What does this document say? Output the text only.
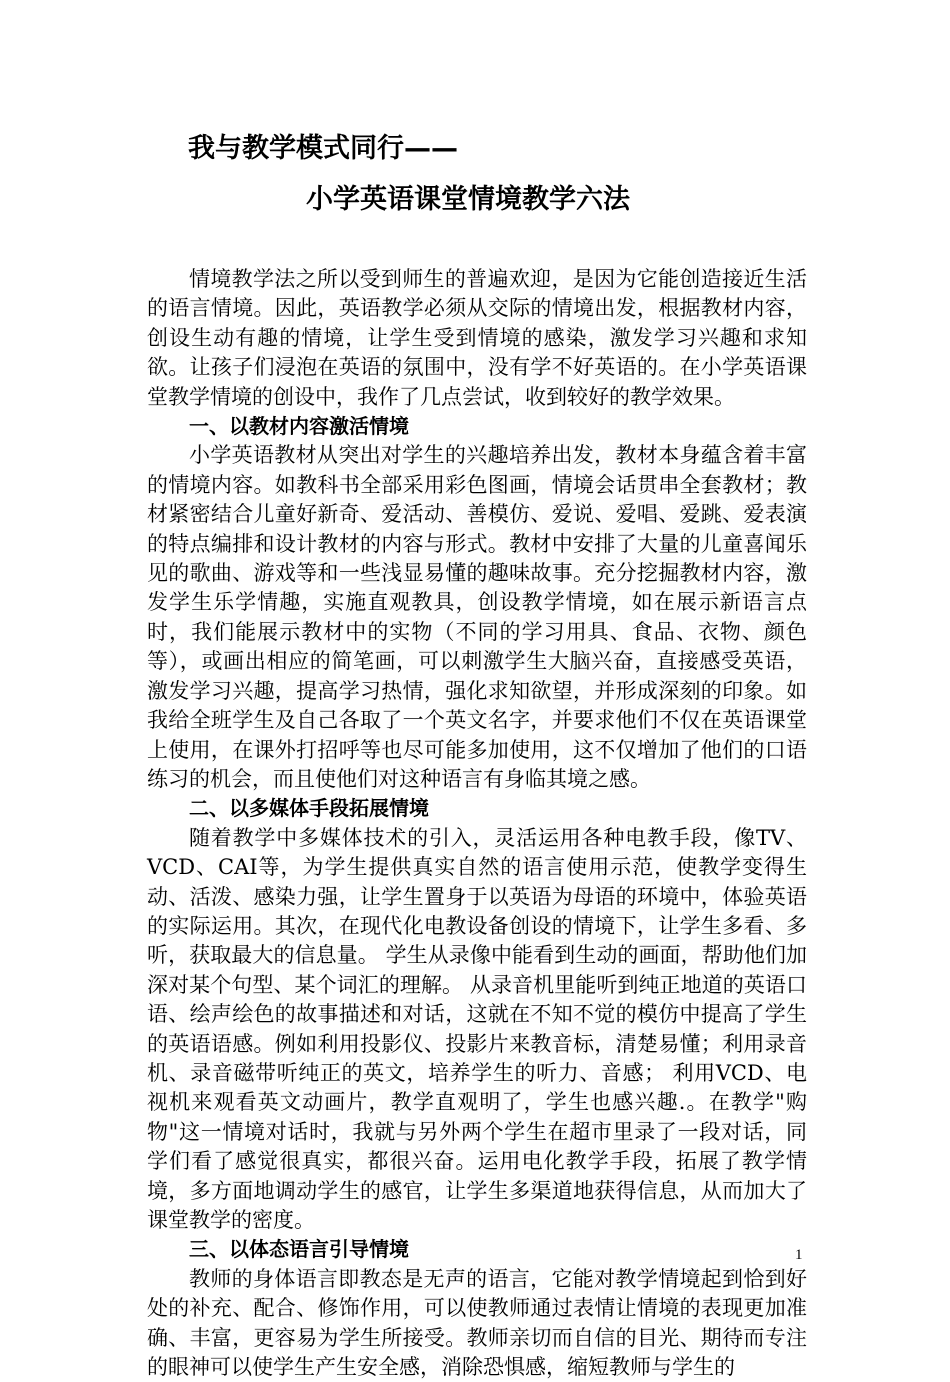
我与教学模式同行——
小学英语课堂情境教学六法

情境教学法之所以受到师生的普遍欢迎，是因为它能创造接近生活的语言情境。因此，英语教学必须从交际的情境出发，根据教材内容，创设生动有趣的情境，让学生受到情境的感染，激发学习兴趣和求知欲。让孩子们浸泡在英语的氛围中，没有学不好英语的。在小学英语课堂教学情境的创设中，我作了几点尝试，收到较好的教学效果。

一、以教材内容激活情境

小学英语教材从突出对学生的兴趣培养出发，教材本身蕴含着丰富的情境内容。如教科书全部采用彩色图画，情境会话贯串全套教材；教材紧密结合儿童好新奇、爱活动、善模仿、爱说、爱唱、爱跳、爱表演的特点编排和设计教材的内容与形式。教材中安排了大量的儿童喜闻乐见的歌曲、游戏等和一些浅显易懂的趣味故事。充分挖掘教材内容，激发学生乐学情趣，实施直观教具，创设教学情境，如在展示新语言点时，我们能展示教材中的实物（不同的学习用具、食品、衣物、颜色等），或画出相应的简笔画，可以刺激学生大脑兴奋，直接感受英语，激发学习兴趣，提高学习热情，强化求知欲望，并形成深刻的印象。如我给全班学生及自己各取了一个英文名字，并要求他们不仅在英语课堂上使用，在课外打招呼等也尽可能多加使用，这不仅增加了他们的口语练习的机会，而且使他们对这种语言有身临其境之感。

二、以多媒体手段拓展情境

随着教学中多媒体技术的引入，灵活运用各种电教手段，像TV、VCD、CAI等，为学生提供真实自然的语言使用示范，使教学变得生动、活泼、感染力强，让学生置身于以英语为母语的环境中，体验英语的实际运用。其次，在现代化电教设备创设的情境下，让学生多看、多听，获取最大的信息量。 学生从录像中能看到生动的画面，帮助他们加深对某个句型、某个词汇的理解。 从录音机里能听到纯正地道的英语口语、绘声绘色的故事描述和对话，这就在不知不觉的模仿中提高了学生的英语语感。例如利用投影仪、投影片来教音标，清楚易懂；利用录音机、录音磁带听纯正的英文，培养学生的听力、音感； 利用VCD、电视机来观看英文动画片，教学直观明了，学生也感兴趣.。在教学"购物"这一情境对话时，我就与另外两个学生在超市里录了一段对话，同学们看了感觉很真实，都很兴奋。运用电化教学手段，拓展了教学情境，多方面地调动学生的感官，让学生多渠道地获得信息，从而加大了课堂教学的密度。

三、以体态语言引导情境

教师的身体语言即教态是无声的语言，它能对教学情境起到恰到好处的补充、配合、修饰作用，可以使教师通过表情让情境的表现更加准确、丰富，更容易为学生所接受。教师亲切而自信的目光、期待而专注的眼神可以使学生产生安全感，消除恐惧感，缩短教师与学生的

1
